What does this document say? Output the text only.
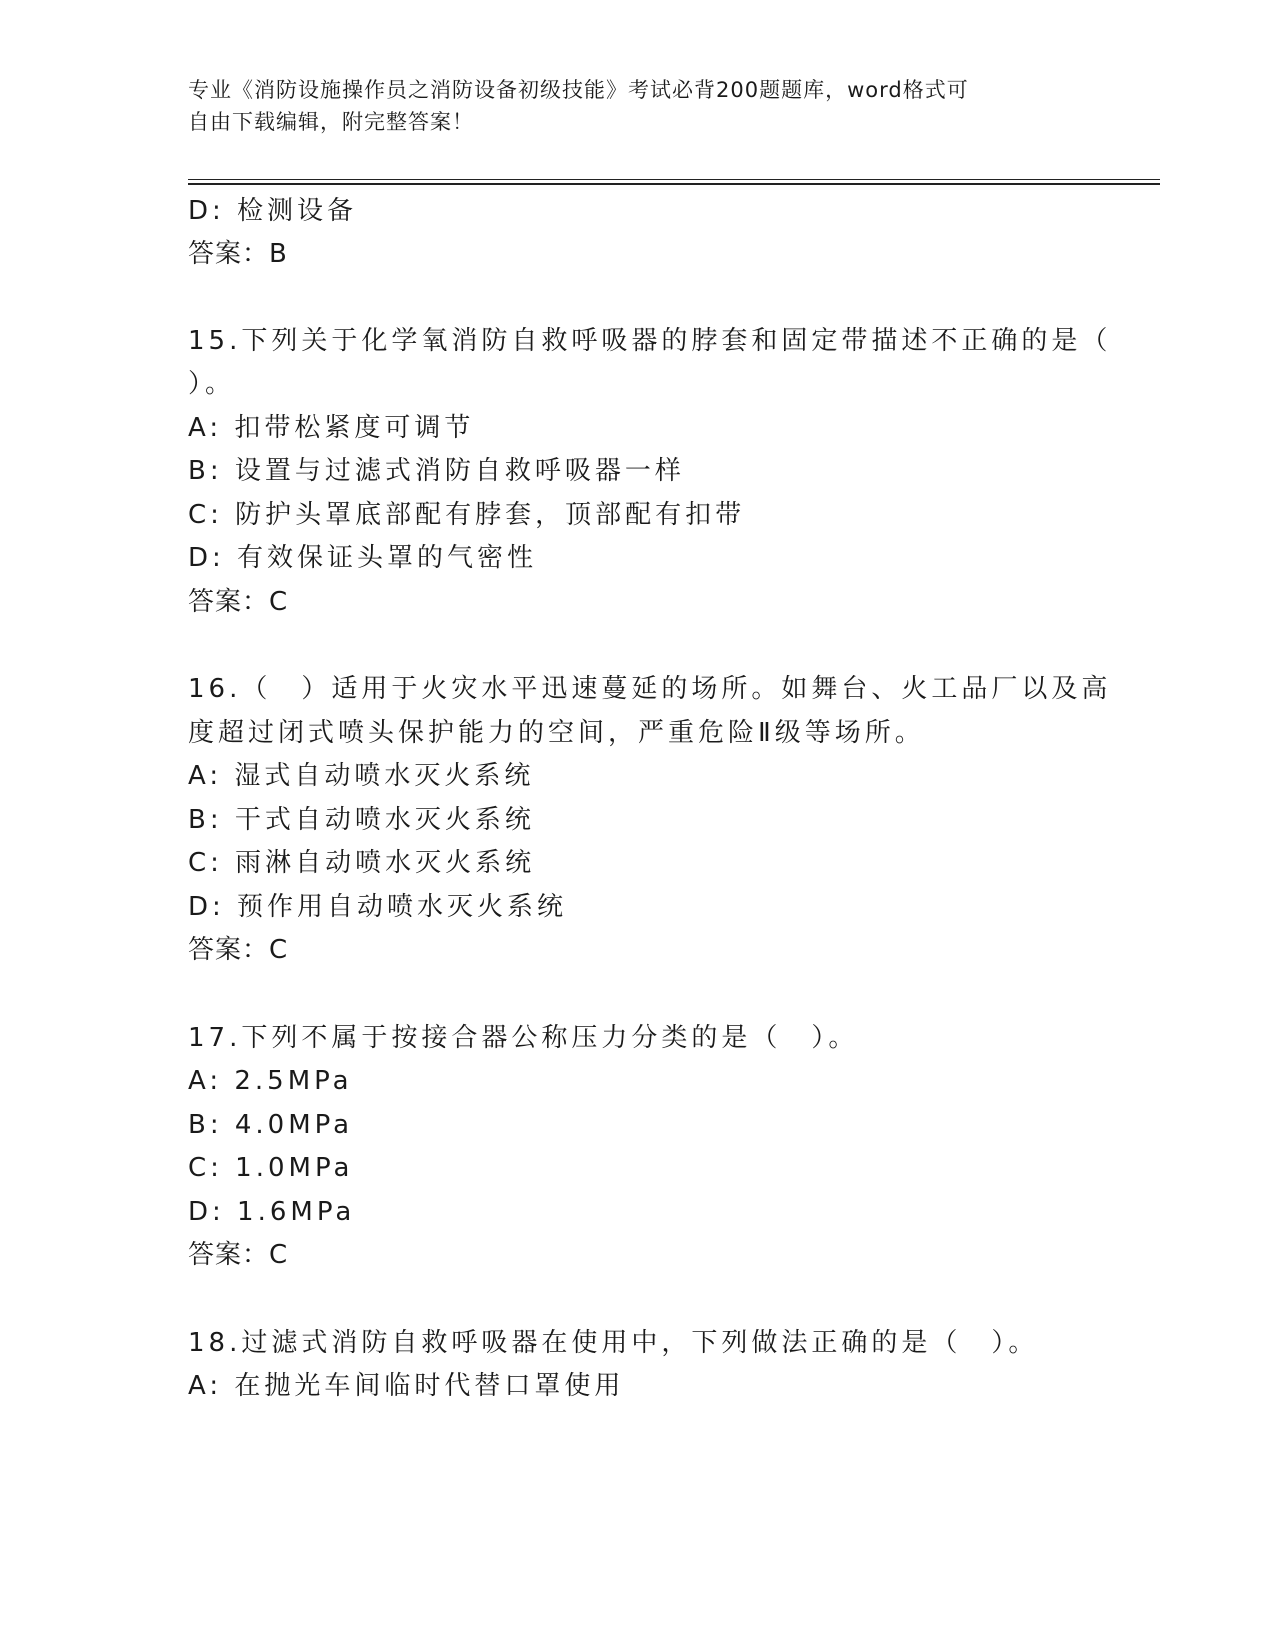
专业《消防设施操作员之消防设备初级技能》考试必背200题题库，word格式可
自由下载编辑，附完整答案！
D: 检测设备
答案：B
15.下列关于化学氧消防自救呼吸器的脖套和固定带描述不正确的是（
）。
A: 扣带松紧度可调节
B: 设置与过滤式消防自救呼吸器一样
C: 防护头罩底部配有脖套，顶部配有扣带
D: 有效保证头罩的气密性
答案：C
16.（　）适用于火灾水平迅速蔓延的场所。如舞台、火工品厂以及高
度超过闭式喷头保护能力的空间，严重危险Ⅱ级等场所。
A: 湿式自动喷水灭火系统
B: 干式自动喷水灭火系统
C: 雨淋自动喷水灭火系统
D: 预作用自动喷水灭火系统
答案：C
17.下列不属于按接合器公称压力分类的是（　）。
A: 2.5MPa
B: 4.0MPa
C: 1.0MPa
D: 1.6MPa
答案：C
18.过滤式消防自救呼吸器在使用中，下列做法正确的是（　）。
A: 在抛光车间临时代替口罩使用
